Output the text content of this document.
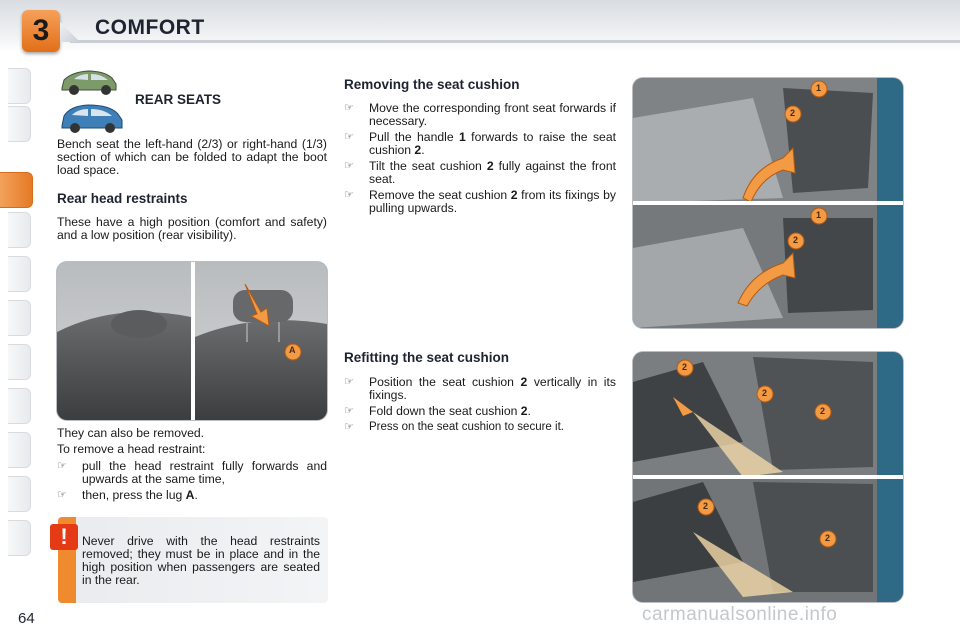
3	COMFORT
REAR SEATS

Bench seat the left-hand (2/3) or right-hand (1/3) section of which can be folded to adapt the boot load space.

Rear head restraints

These have a high position (comfort and safety) and a low position (rear visibility).

A

They can also be removed.

To remove a head restraint:

☞ pull the head restraint fully forwards and upwards at the same time,
☞ then, press the lug A.
!	Never drive with the head restraints removed; they must be in place and in the high position when passengers are seated in the rear.
Removing the seat cushion
☞ Move the corresponding front seat forwards if necessary.
☞ Pull the handle 1 forwards to raise the seat cushion 2.
☞ Tilt the seat cushion 2 fully against the front seat.
☞ Remove the seat cushion 2 from its fixings by pulling upwards.
Refitting the seat cushion
☞ Position the seat cushion 2 vertically in its fixings.
☞ Fold down the seat cushion 2.
☞ Press on the seat cushion to secure it.
1
2
1
2
2
2
2
2
2
64	carmanualsonline.info
